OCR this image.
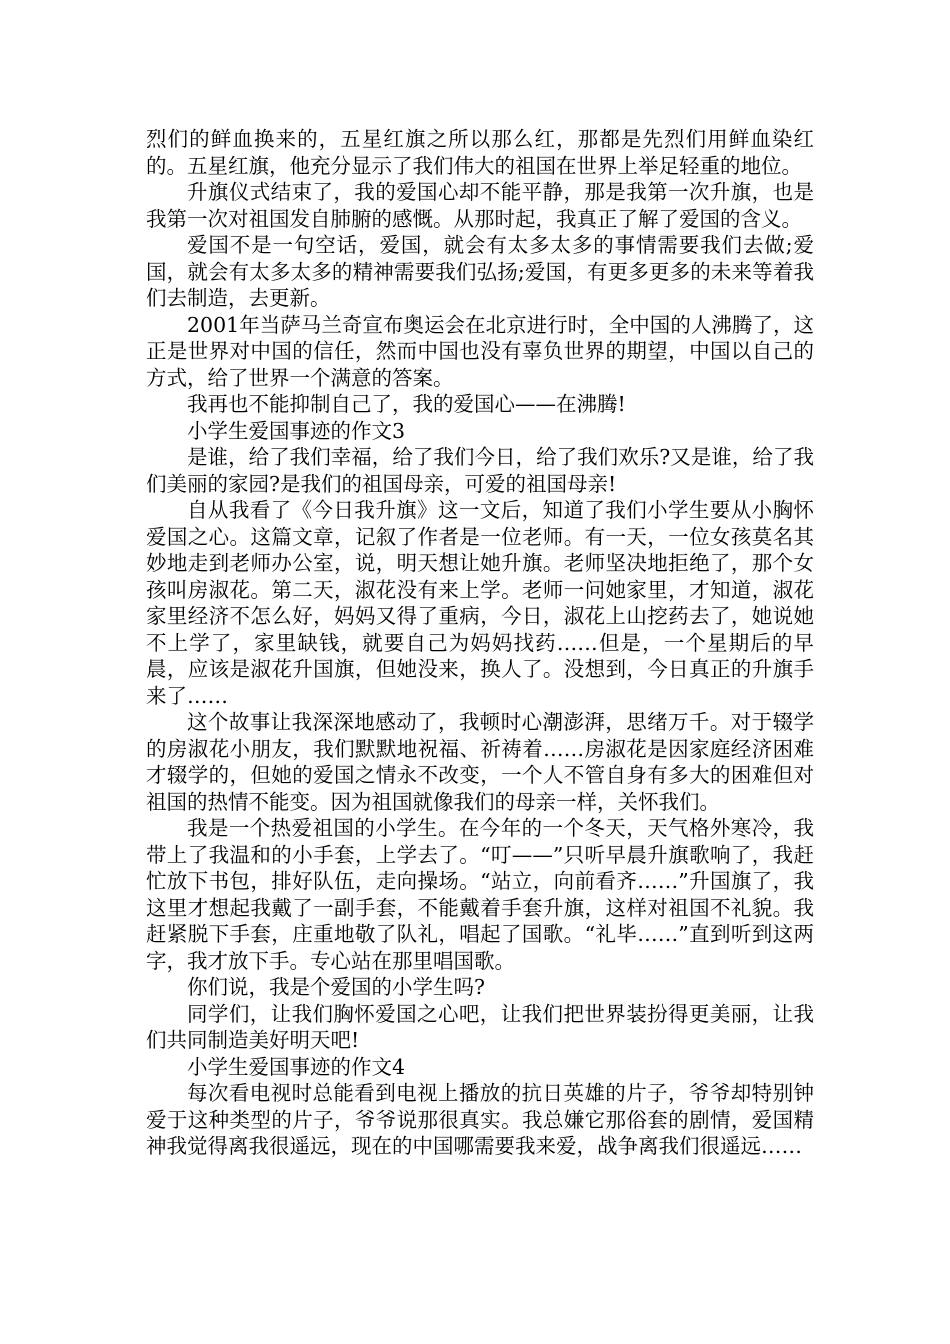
烈们的鲜血换来的，五星红旗之所以那么红，那都是先烈们用鲜血染红的。五星红旗，他充分显示了我们伟大的祖国在世界上举足轻重的地位。

升旗仪式结束了，我的爱国心却不能平静，那是我第一次升旗，也是我第一次对祖国发自肺腑的感慨。从那时起，我真正了解了爱国的含义。

爱国不是一句空话，爱国，就会有太多太多的事情需要我们去做;爱国，就会有太多太多的精神需要我们弘扬;爱国，有更多更多的未来等着我们去制造，去更新。

2001年当萨马兰奇宣布奥运会在北京进行时，全中国的人沸腾了，这正是世界对中国的信任，然而中国也没有辜负世界的期望，中国以自己的方式，给了世界一个满意的答案。

我再也不能抑制自己了，我的爱国心——在沸腾!

小学生爱国事迹的作文3

是谁，给了我们幸福，给了我们今日，给了我们欢乐?又是谁，给了我们美丽的家园?是我们的祖国母亲，可爱的祖国母亲!

自从我看了《今日我升旗》这一文后，知道了我们小学生要从小胸怀爱国之心。这篇文章，记叙了作者是一位老师。有一天，一位女孩莫名其妙地走到老师办公室，说，明天想让她升旗。老师坚决地拒绝了，那个女孩叫房淑花。第二天，淑花没有来上学。老师一问她家里，才知道，淑花家里经济不怎么好，妈妈又得了重病，今日，淑花上山挖药去了，她说她不上学了，家里缺钱，就要自己为妈妈找药……但是，一个星期后的早晨，应该是淑花升国旗，但她没来，换人了。没想到，今日真正的升旗手来了……

这个故事让我深深地感动了，我顿时心潮澎湃，思绪万千。对于辍学的房淑花小朋友，我们默默地祝福、祈祷着……房淑花是因家庭经济困难才辍学的，但她的爱国之情永不改变，一个人不管自身有多大的困难但对祖国的热情不能变。因为祖国就像我们的母亲一样，关怀我们。

我是一个热爱祖国的小学生。在今年的一个冬天，天气格外寒冷，我带上了我温和的小手套，上学去了。“叮——”只听早晨升旗歌响了，我赶忙放下书包，排好队伍，走向操场。“站立，向前看齐……”升国旗了，我这里才想起我戴了一副手套，不能戴着手套升旗，这样对祖国不礼貌。我赶紧脱下手套，庄重地敬了队礼，唱起了国歌。“礼毕……”直到听到这两字，我才放下手。专心站在那里唱国歌。

你们说，我是个爱国的小学生吗?

同学们，让我们胸怀爱国之心吧，让我们把世界装扮得更美丽，让我们共同制造美好明天吧!

小学生爱国事迹的作文4

每次看电视时总能看到电视上播放的抗日英雄的片子，爷爷却特别钟爱于这种类型的片子，爷爷说那很真实。我总嫌它那俗套的剧情，爱国精神我觉得离我很遥远，现在的中国哪需要我来爱，战争离我们很遥远……
